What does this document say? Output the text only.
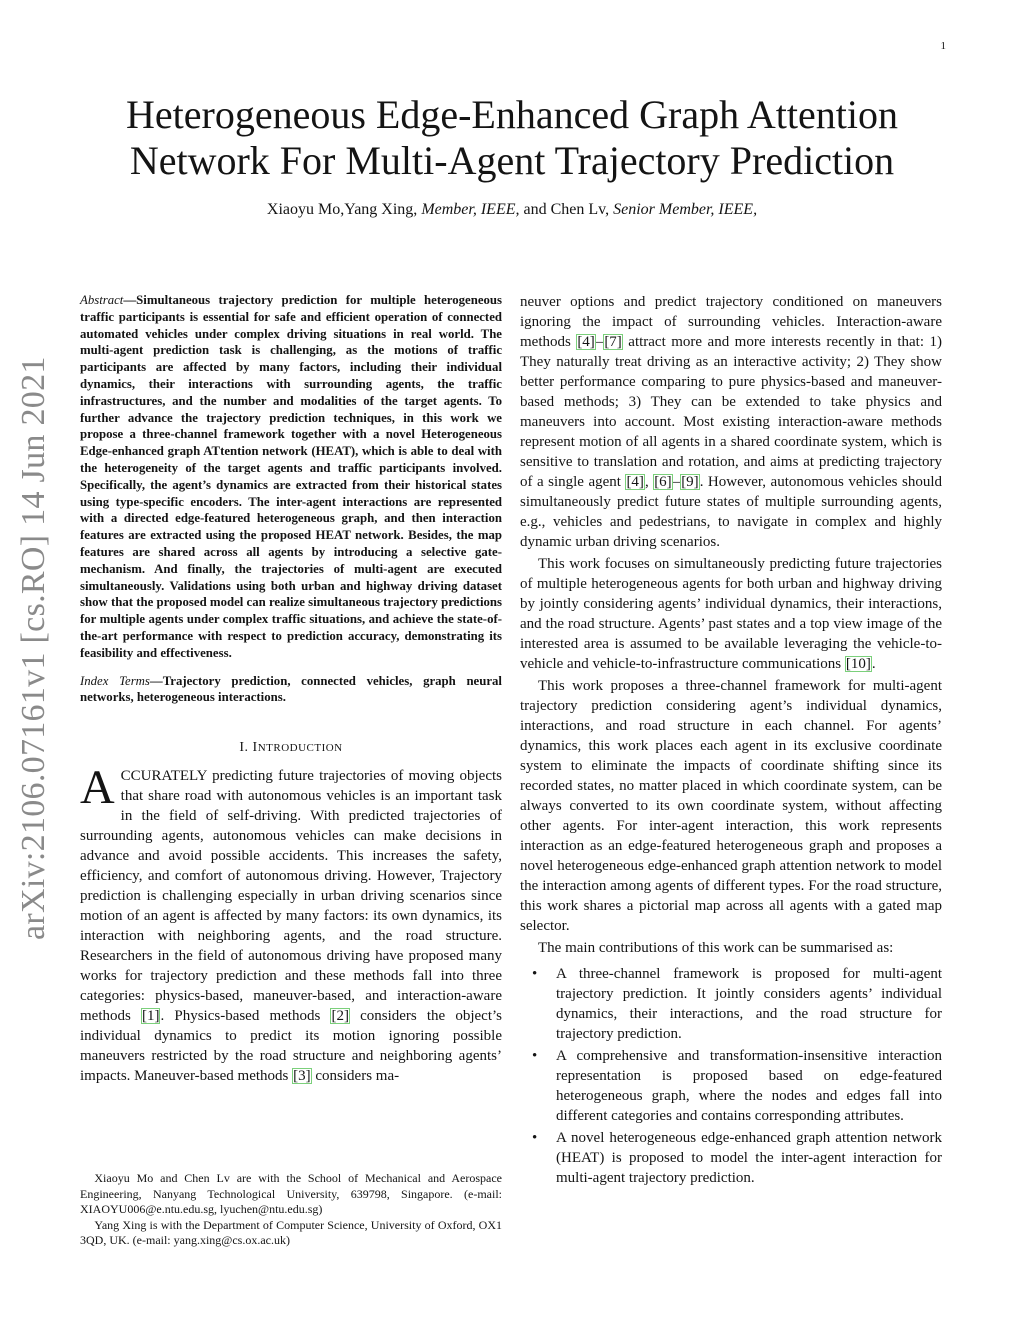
1
arXiv:2106.07161v1 [cs.RO] 14 Jun 2021
Heterogeneous Edge-Enhanced Graph Attention
Network For Multi-Agent Trajectory Prediction
Xiaoyu Mo,Yang Xing, Member, IEEE, and Chen Lv, Senior Member, IEEE,

Abstract—Simultaneous trajectory prediction for multiple heterogeneous traffic participants is essential for safe and efficient operation of connected automated vehicles under complex driving situations in real world. The multi-agent prediction task is challenging, as the motions of traffic participants are affected by many factors, including their individual dynamics, their interactions with surrounding agents, the traffic infrastructures, and the number and modalities of the target agents. To further advance the trajectory prediction techniques, in this work we propose a three-channel framework together with a novel Heterogeneous Edge-enhanced graph ATtention network (HEAT), which is able to deal with the heterogeneity of the target agents and traffic participants involved. Specifically, the agent’s dynamics are extracted from their historical states using type-specific encoders. The inter-agent interactions are represented with a directed edge-featured heterogeneous graph, and then interaction features are extracted using the proposed HEAT network. Besides, the map features are shared across all agents by introducing a selective gate-mechanism. And finally, the trajectories of multi-agent are executed simultaneously. Validations using both urban and highway driving dataset show that the proposed model can realize simultaneous trajectory predictions for multiple agents under complex traffic situations, and achieve the state-of-the-art performance with respect to prediction accuracy, demonstrating its feasibility and effectiveness.

Index Terms—Trajectory prediction, connected vehicles, graph neural networks, heterogeneous interactions.

I. INTRODUCTION

ACCURATELY predicting future trajectories of moving objects that share road with autonomous vehicles is an important task in the field of self-driving. With predicted trajectories of surrounding agents, autonomous vehicles can make decisions in advance and avoid possible accidents. This increases the safety, efficiency, and comfort of autonomous driving. However, Trajectory prediction is challenging especially in urban driving scenarios since motion of an agent is affected by many factors: its own dynamics, its interaction with neighboring agents, and the road structure. Researchers in the field of autonomous driving have proposed many works for trajectory prediction and these methods fall into three categories: physics-based, maneuver-based, and interaction-aware methods [1]. Physics-based methods [2] considers the object’s individual dynamics to predict its motion ignoring possible maneuvers restricted by the road structure and neighboring agents’ impacts. Maneuver-based methods [3] considers ma-

neuver options and predict trajectory conditioned on maneuvers ignoring the impact of surrounding vehicles. Interaction-aware methods [4]–[7] attract more and more interests recently in that: 1) They naturally treat driving as an interactive activity; 2) They show better performance comparing to pure physics-based and maneuver-based methods; 3) They can be extended to take physics and maneuvers into account. Most existing interaction-aware methods represent motion of all agents in a shared coordinate system, which is sensitive to translation and rotation, and aims at predicting trajectory of a single agent [4], [6]–[9]. However, autonomous vehicles should simultaneously predict future states of multiple surrounding agents, e.g., vehicles and pedestrians, to navigate in complex and highly dynamic urban driving scenarios.

This work focuses on simultaneously predicting future trajectories of multiple heterogeneous agents for both urban and highway driving by jointly considering agents’ individual dynamics, their interactions, and the road structure. Agents’ past states and a top view image of the interested area is assumed to be available leveraging the vehicle-to-vehicle and vehicle-to-infrastructure communications [10].

This work proposes a three-channel framework for multi-agent trajectory prediction considering agent’s individual dynamics, interactions, and road structure in each channel. For agents’ dynamics, this work places each agent in its exclusive coordinate system to eliminate the impacts of coordinate shifting since its recorded states, no matter placed in which coordinate system, can be always converted to its own coordinate system, without affecting other agents. For inter-agent interaction, this work represents interaction as an edge-featured heterogeneous graph and proposes a novel heterogeneous edge-enhanced graph attention network to model the interaction among agents of different types. For the road structure, this work shares a pictorial map across all agents with a gated map selector.

The main contributions of this work can be summarised as:

• A three-channel framework is proposed for multi-agent trajectory prediction. It jointly considers agents’ individual dynamics, their interactions, and the road structure for trajectory prediction.
• A comprehensive and transformation-insensitive interaction representation is proposed based on edge-featured heterogeneous graph, where the nodes and edges fall into different categories and contains corresponding attributes.
• A novel heterogeneous edge-enhanced graph attention network (HEAT) is proposed to model the inter-agent interaction for multi-agent trajectory prediction.

Xiaoyu Mo and Chen Lv are with the School of Mechanical and Aerospace Engineering, Nanyang Technological University, 639798, Singapore. (e-mail: XIAOYU006@e.ntu.edu.sg, lyuchen@ntu.edu.sg)

Yang Xing is with the Department of Computer Science, University of Oxford, OX1 3QD, UK. (e-mail: yang.xing@cs.ox.ac.uk)
